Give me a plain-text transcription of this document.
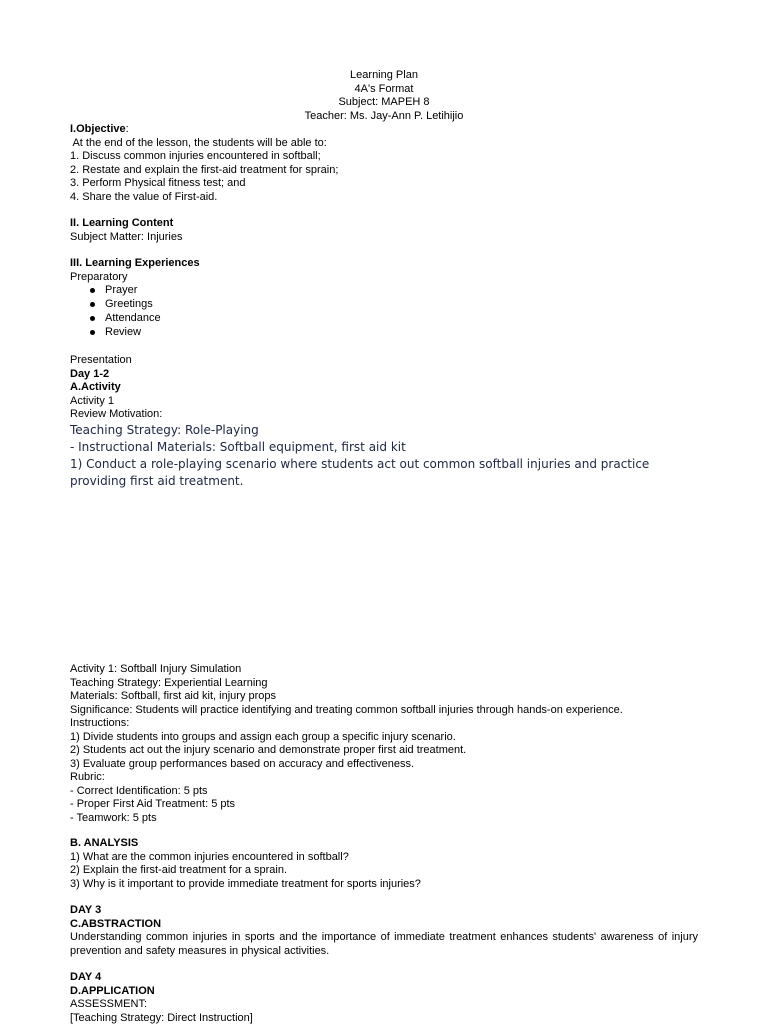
Learning Plan
4A's Format
Subject: MAPEH 8
Teacher: Ms. Jay-Ann P. Letihijio
I.Objective:
At the end of the lesson, the students will be able to:
1. Discuss common injuries encountered in softball;
2. Restate and explain the first-aid treatment for sprain;
3. Perform Physical fitness test; and
4. Share the value of First-aid.
II. Learning Content
Subject Matter: Injuries
III. Learning Experiences
Preparatory
Prayer
Greetings
Attendance
Review
Presentation
Day 1-2
A.Activity
Activity 1
Review Motivation:
Teaching Strategy: Role-Playing
- Instructional Materials: Softball equipment, first aid kit
1) Conduct a role-playing scenario where students act out common softball injuries and practice providing first aid treatment.
Activity 1: Softball Injury Simulation
Teaching Strategy: Experiential Learning
Materials: Softball, first aid kit, injury props
Significance: Students will practice identifying and treating common softball injuries through hands-on experience.
Instructions:
1) Divide students into groups and assign each group a specific injury scenario.
2) Students act out the injury scenario and demonstrate proper first aid treatment.
3) Evaluate group performances based on accuracy and effectiveness.
Rubric:
- Correct Identification: 5 pts
- Proper First Aid Treatment: 5 pts
- Teamwork: 5 pts
B. ANALYSIS
1) What are the common injuries encountered in softball?
2) Explain the first-aid treatment for a sprain.
3) Why is it important to provide immediate treatment for sports injuries?
DAY 3
C.ABSTRACTION
Understanding common injuries in sports and the importance of immediate treatment enhances students' awareness of injury prevention and safety measures in physical activities.
DAY 4
D.APPLICATION
ASSESSMENT:
[Teaching Strategy: Direct Instruction]
